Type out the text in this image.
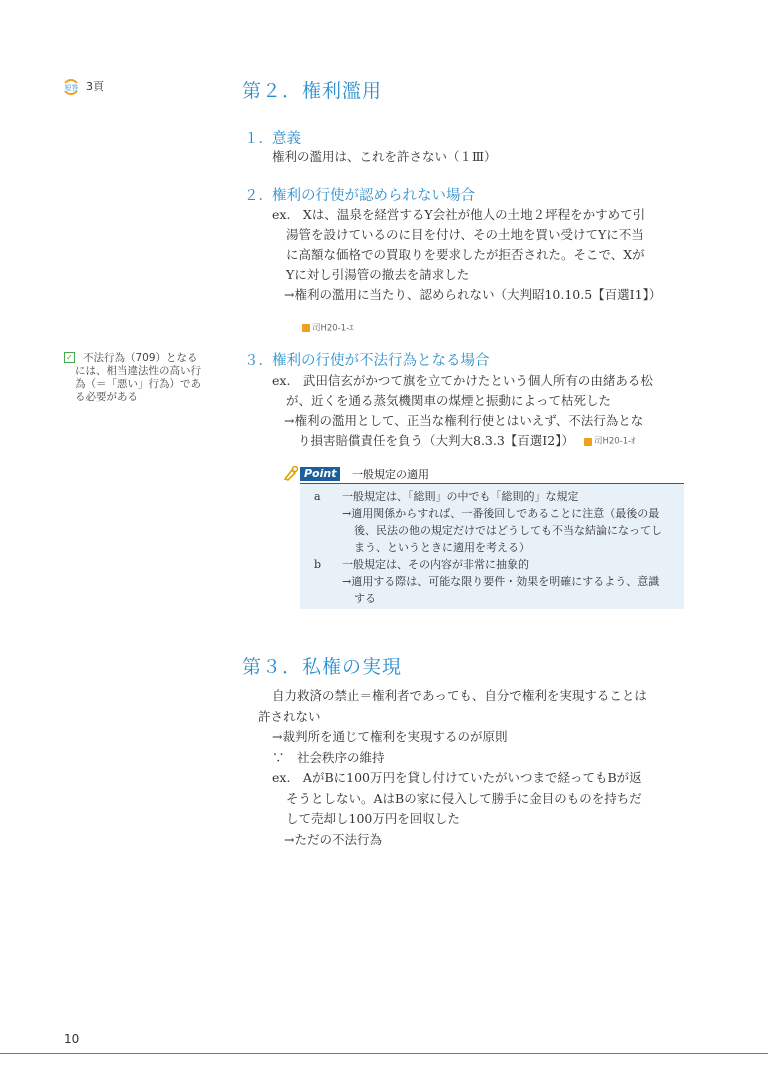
短答 3頁
✓ 不法行為（709）となる
には、相当違法性の高い行
為（＝「悪い」行為）であ
る必要がある
第２．権利濫用
１．意義
権利の濫用は、これを許さない（１Ⅲ）
２．権利の行使が認められない場合
ex.　Xは、温泉を経営するY会社が他人の土地２坪程をかすめて引
湯管を設けているのに目を付け、その土地を買い受けてYに不当
に高額な価格での買取りを要求したが拒否された。そこで、Xが
Yに対し引湯管の撤去を請求した
→権利の濫用に当たり、認められない（大判昭10.10.5【百選Ⅰ1】）
司H20-1-ｴ
３．権利の行使が不法行為となる場合
ex.　武田信玄がかつて旗を立てかけたという個人所有の由緒ある松
が、近くを通る蒸気機関車の煤煙と振動によって枯死した
→権利の濫用として、正当な権利行使とはいえず、不法行為とな
り損害賠償責任を負う（大判大8.3.3【百選Ⅰ2】） 司H20-1-ｵ
Point	一般規定の適用
a 一般規定は、「総則」の中でも「総則的」な規定
→適用関係からすれば、一番後回しであることに注意（最後の最
後、民法の他の規定だけではどうしても不当な結論になってし
まう、というときに適用を考える）
b 一般規定は、その内容が非常に抽象的
→適用する際は、可能な限り要件・効果を明確にするよう、意識
する
第３．私権の実現
自力救済の禁止＝権利者であっても、自分で権利を実現することは
許されない
→裁判所を通じて権利を実現するのが原則
∵　社会秩序の維持
ex.　AがBに100万円を貸し付けていたがいつまで経ってもBが返
そうとしない。AはBの家に侵入して勝手に金目のものを持ちだ
して売却し100万円を回収した
→ただの不法行為
10
